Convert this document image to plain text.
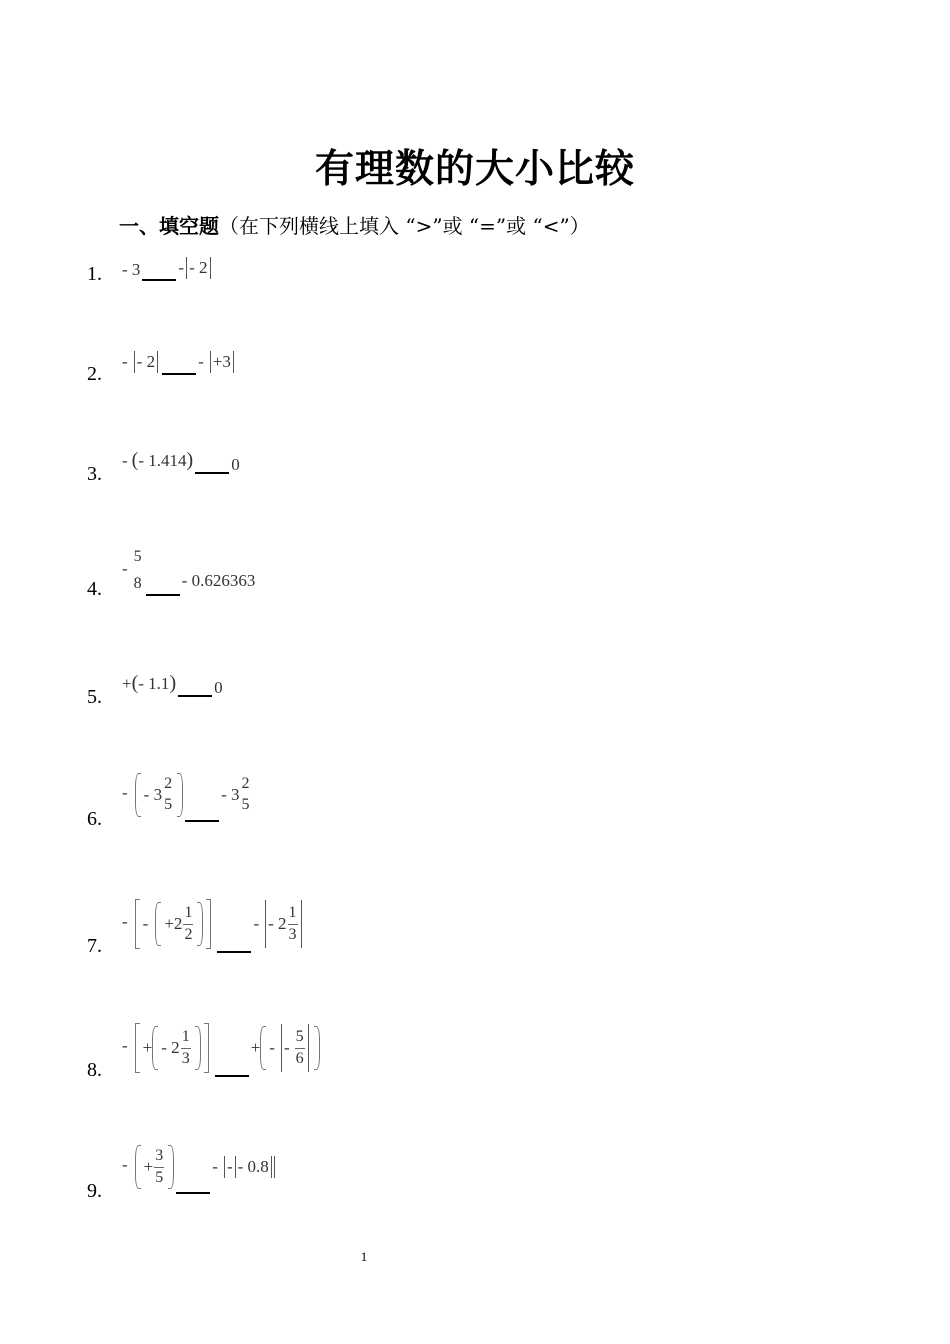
有理数的大小比较
一、填空题（在下列横线上填入 “>”或 “=”或 “<”）
1. - 3 - - 2
2.
- - 2	- +3
3.
- ( - 1.414 ) 0
4.
-
5
8 - 0.626363
5.
+ ( - 1.1 ) 0
6.
- - 3
2
5
- 3
2
5
7.
- - $+2 \frac{1}{2}$	- - $2 \frac{1}{3}$
8.
- + - $2 \frac{1}{3}$	+ - - $\frac{5}{6}$
9.
- + $\frac{3}{5}$	- - - 0.8
1
